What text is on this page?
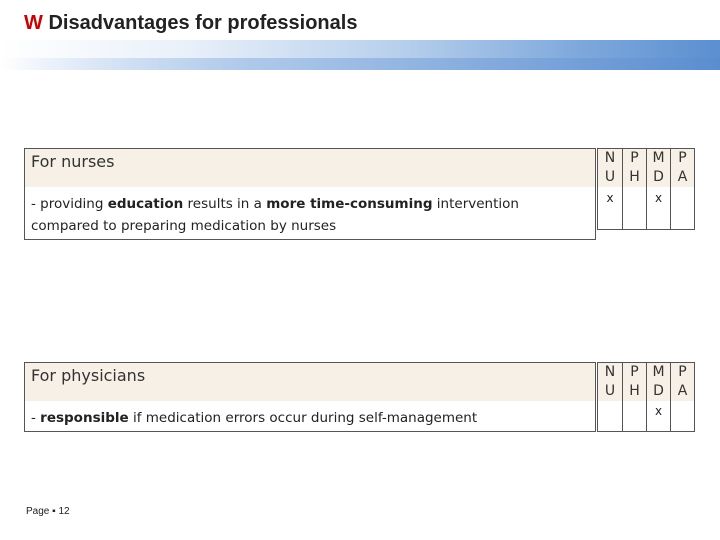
W Disadvantages for professionals
For nurses
- providing education results in a more time-consuming intervention compared to preparing medication by nurses
N
U
P
H
M
D
P
A
x	x
For physicians
- responsible if medication errors occur during self-management
N
U
P
H
M
D
P
A
x
Page ▪ 12
